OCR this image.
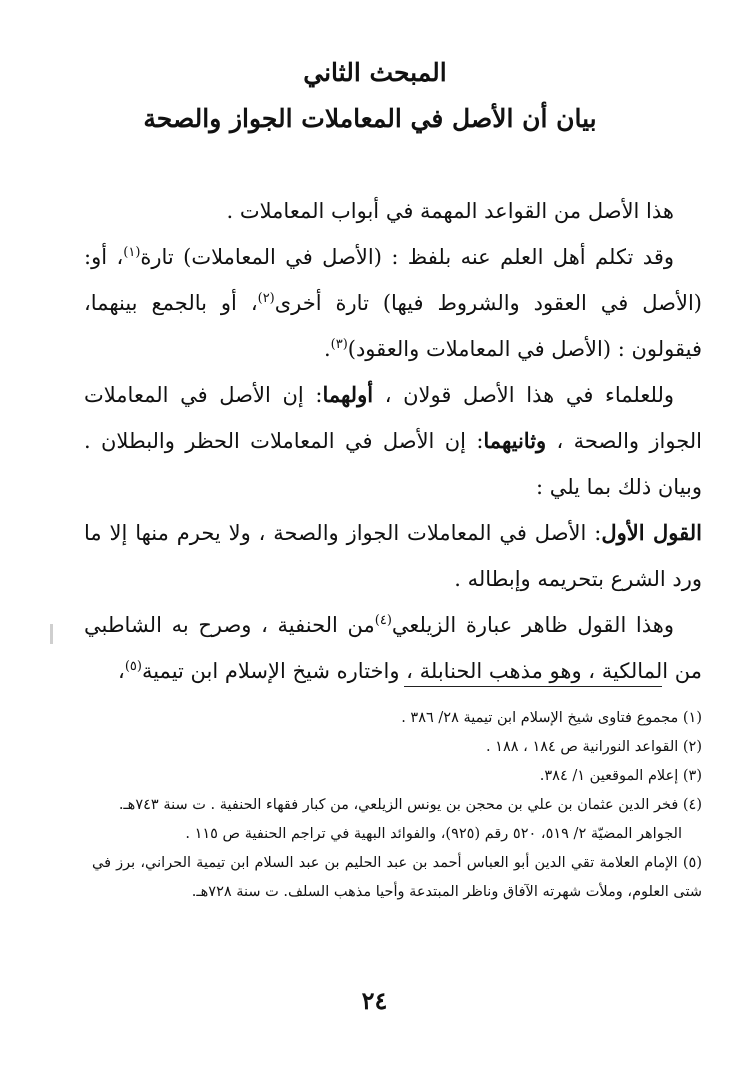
المبحث الثاني
بيان أن الأصل في المعاملات الجواز والصحة

هذا الأصل من القواعد المهمة في أبواب المعاملات .

وقد تكلم أهل العلم عنه بلفظ : (الأصل في المعاملات) تارة$^{(١)}$، أو: (الأصل في العقود والشروط فيها) تارة أخرى$^{(٢)}$، أو بالجمع بينهما، فيقولون : (الأصل في المعاملات والعقود)$^{(٣)}$.

وللعلماء في هذا الأصل قولان ، أولهما: إن الأصل في المعاملات الجواز والصحة ، وثانيهما: إن الأصل في المعاملات الحظر والبطلان . وبيان ذلك بما يلي :

القول الأول: الأصل في المعاملات الجواز والصحة ، ولا يحرم منها إلا ما ورد الشرع بتحريمه وإبطاله .

وهذا القول ظاهر عبارة الزيلعي$^{(٤)}$من الحنفية ، وصرح به الشاطبي من المالكية ، وهو مذهب الحنابلة ، واختاره شيخ الإسلام ابن تيمية$^{(٥)}$،

(١) مجموع فتاوى شيخ الإسلام ابن تيمية ٢٨/ ٣٨٦ .

(٢) القواعد النورانية ص ١٨٤ ، ١٨٨ .

(٣) إعلام الموقعين ١/ ٣٨٤.

(٤) فخر الدين عثمان بن علي بن محجن بن يونس الزيلعي، من كبار فقهاء الحنفية . ت سنة ٧٤٣هـ.

الجواهر المضيّة ٢/ ٥١٩، ٥٢٠ رقم (٩٢٥)، والفوائد البهية في تراجم الحنفية ص ١١٥ .

(٥) الإمام العلامة تقي الدين أبو العباس أحمد بن عبد الحليم بن عبد السلام ابن تيمية الحراني، برز في شتى العلوم، وملأت شهرته الآفاق وناظر المبتدعة وأحيا مذهب السلف. ت سنة ٧٢٨هـ.

٢٤
